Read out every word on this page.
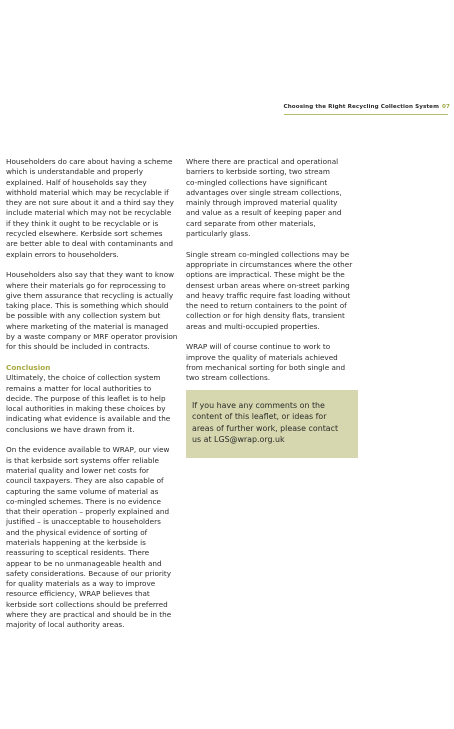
Choosing the Right Recycling Collection System 07

Householders do care about having a scheme
which is understandable and properly
explained. Half of households say they
withhold material which may be recyclable if
they are not sure about it and a third say they
include material which may not be recyclable
if they think it ought to be recyclable or is
recycled elsewhere. Kerbside sort schemes
are better able to deal with contaminants and
explain errors to householders.

Householders also say that they want to know
where their materials go for reprocessing to
give them assurance that recycling is actually
taking place. This is something which should
be possible with any collection system but
where marketing of the material is managed
by a waste company or MRF operator provision
for this should be included in contracts.

Conclusion

Ultimately, the choice of collection system
remains a matter for local authorities to
decide. The purpose of this leaflet is to help
local authorities in making these choices by
indicating what evidence is available and the
conclusions we have drawn from it.

On the evidence available to WRAP, our view
is that kerbside sort systems offer reliable
material quality and lower net costs for
council taxpayers. They are also capable of
capturing the same volume of material as
co-mingled schemes. There is no evidence
that their operation – properly explained and
justified – is unacceptable to householders
and the physical evidence of sorting of
materials happening at the kerbside is
reassuring to sceptical residents. There
appear to be no unmanageable health and
safety considerations. Because of our priority
for quality materials as a way to improve
resource efficiency, WRAP believes that
kerbside sort collections should be preferred
where they are practical and should be in the
majority of local authority areas.

Where there are practical and operational
barriers to kerbside sorting, two stream
co-mingled collections have significant
advantages over single stream collections,
mainly through improved material quality
and value as a result of keeping paper and
card separate from other materials,
particularly glass.

Single stream co-mingled collections may be
appropriate in circumstances where the other
options are impractical. These might be the
densest urban areas where on-street parking
and heavy traffic require fast loading without
the need to return containers to the point of
collection or for high density flats, transient
areas and multi-occupied properties.

WRAP will of course continue to work to
improve the quality of materials achieved
from mechanical sorting for both single and
two stream collections.

If you have any comments on the
content of this leaflet, or ideas for
areas of further work, please contact
us at LGS@wrap.org.uk
